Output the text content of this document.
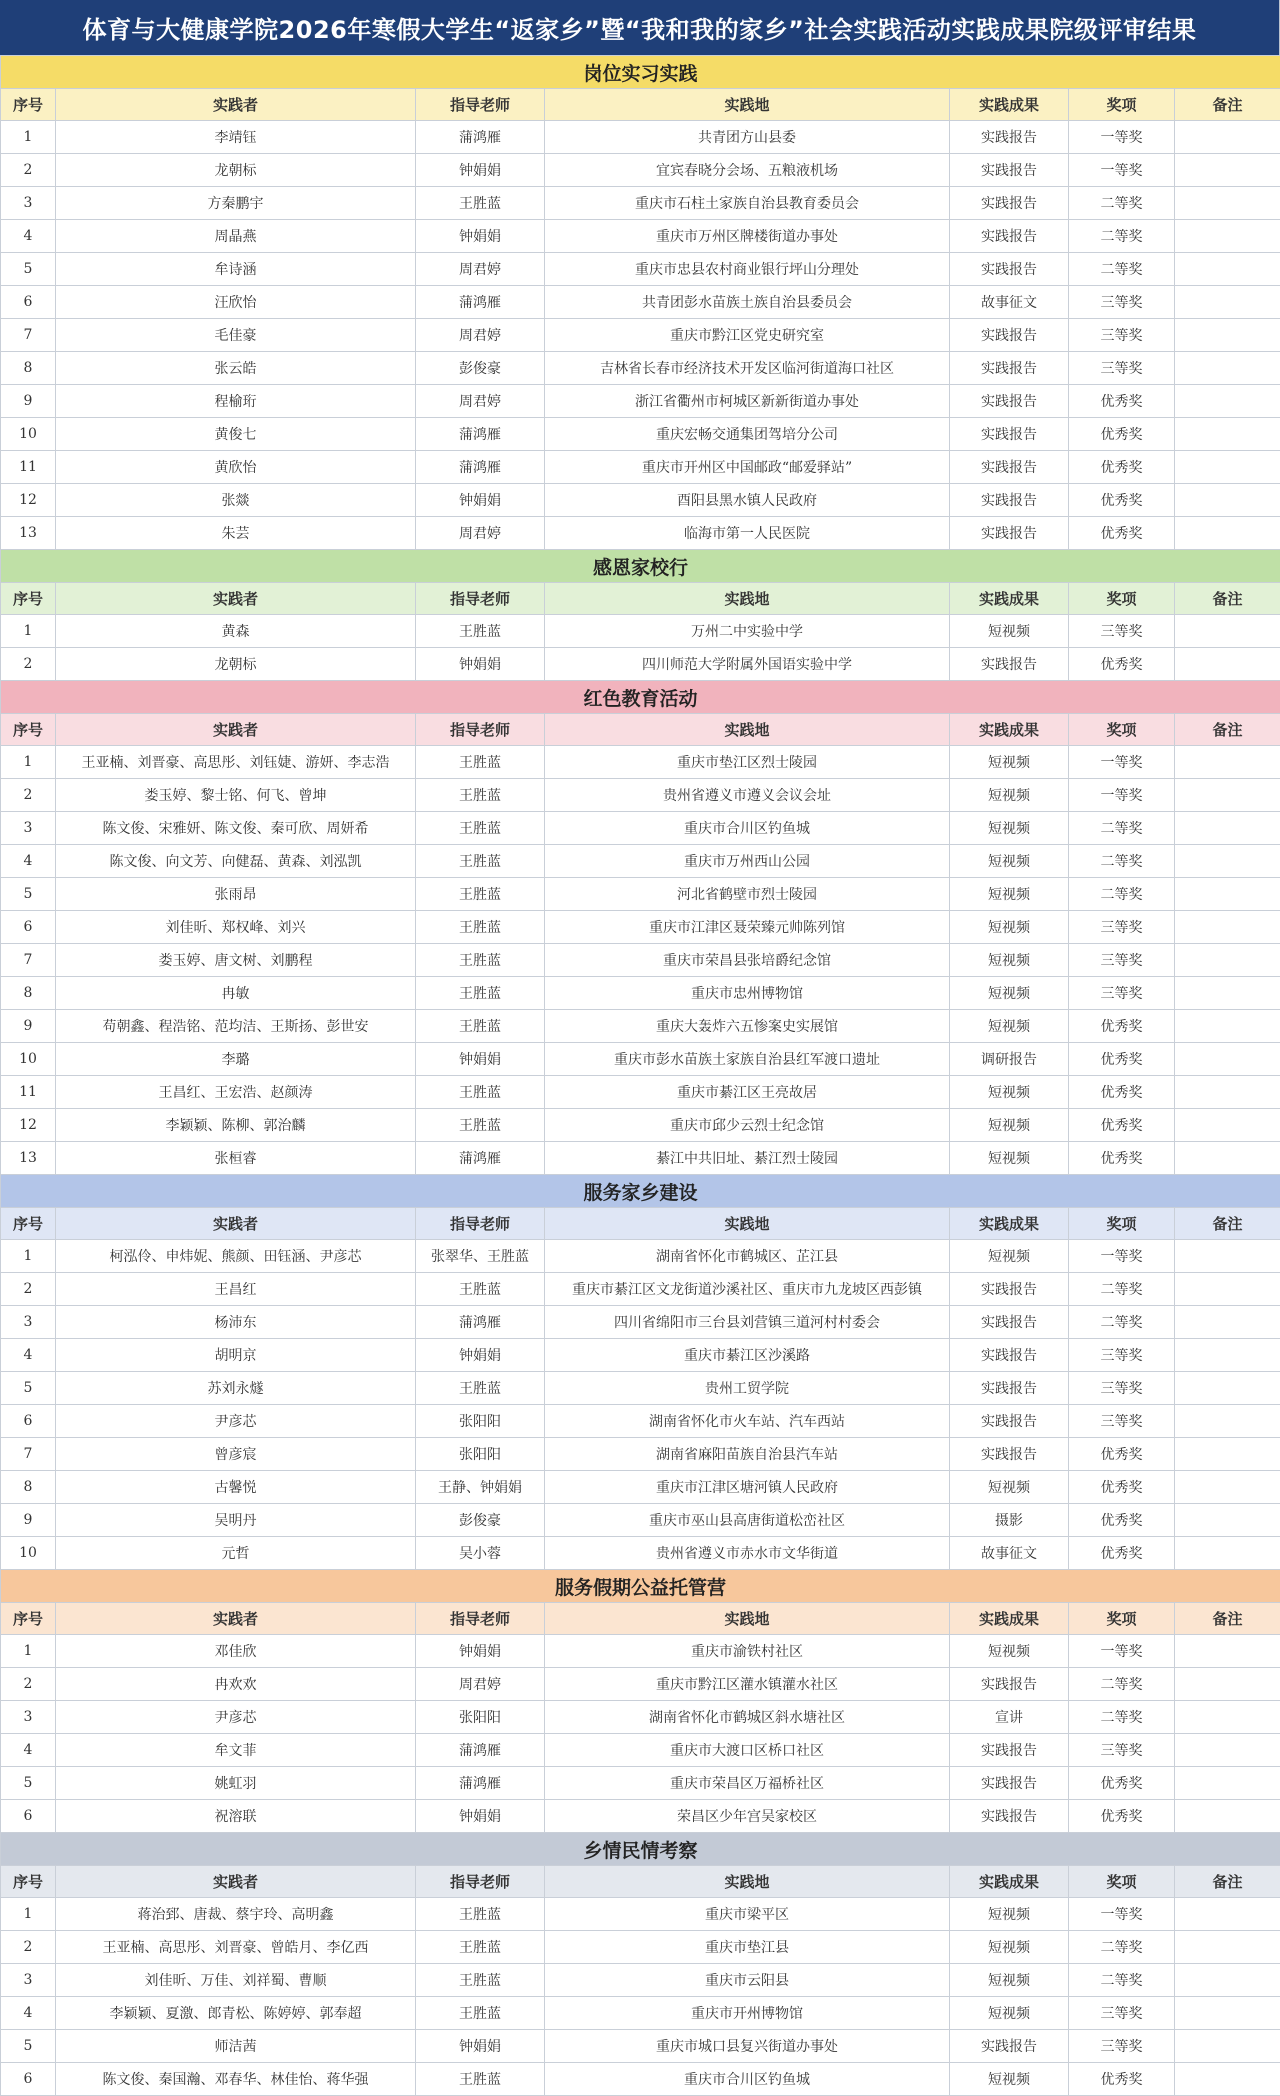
体育与大健康学院2026年寒假大学生“返家乡”暨“我和我的家乡”社会实践活动实践成果院级评审结果
岗位实习实践						
序号	实践者	指导老师	实践地	实践成果	奖项	备注
1	李靖钰	蒲鸿雁	共青团方山县委	实践报告	一等奖	
2	龙朝标	钟娟娟	宜宾春晓分会场、五粮液机场	实践报告	一等奖	
3	方秦鹏宇	王胜蓝	重庆市石柱土家族自治县教育委员会	实践报告	二等奖	
4	周晶燕	钟娟娟	重庆市万州区牌楼街道办事处	实践报告	二等奖	
5	牟诗涵	周君婷	重庆市忠县农村商业银行坪山分理处	实践报告	二等奖	
6	汪欣怡	蒲鸿雁	共青团彭水苗族土族自治县委员会	故事征文	三等奖	
7	毛佳豪	周君婷	重庆市黔江区党史研究室	实践报告	三等奖	
8	张云皓	彭俊豪	吉林省长春市经济技术开发区临河街道海口社区	实践报告	三等奖	
9	程榆珩	周君婷	浙江省衢州市柯城区新新街道办事处	实践报告	优秀奖	
10	黄俊七	蒲鸿雁	重庆宏畅交通集团驾培分公司	实践报告	优秀奖	
11	黄欣怡	蒲鸿雁	重庆市开州区中国邮政“邮爱驿站”	实践报告	优秀奖	
12	张燚	钟娟娟	酉阳县黑水镇人民政府	实践报告	优秀奖	
13	朱芸	周君婷	临海市第一人民医院	实践报告	优秀奖	
感恩家校行						
序号	实践者	指导老师	实践地	实践成果	奖项	备注
1	黄森	王胜蓝	万州二中实验中学	短视频	三等奖	
2	龙朝标	钟娟娟	四川师范大学附属外国语实验中学	实践报告	优秀奖	
红色教育活动						
序号	实践者	指导老师	实践地	实践成果	奖项	备注
1	王亚楠、刘晋豪、高思彤、刘钰婕、游妍、李志浩	王胜蓝	重庆市垫江区烈士陵园	短视频	一等奖	
2	娄玉婷、黎士铭、何飞、曾坤	王胜蓝	贵州省遵义市遵义会议会址	短视频	一等奖	
3	陈文俊、宋雅妍、陈文俊、秦可欣、周妍希	王胜蓝	重庆市合川区钓鱼城	短视频	二等奖	
4	陈文俊、向文芳、向健磊、黄森、刘泓凯	王胜蓝	重庆市万州西山公园	短视频	二等奖	
5	张雨昂	王胜蓝	河北省鹤壁市烈士陵园	短视频	二等奖	
6	刘佳昕、郑权峰、刘兴	王胜蓝	重庆市江津区聂荣臻元帅陈列馆	短视频	三等奖	
7	娄玉婷、唐文树、刘鹏程	王胜蓝	重庆市荣昌县张培爵纪念馆	短视频	三等奖	
8	冉敏	王胜蓝	重庆市忠州博物馆	短视频	三等奖	
9	苟朝鑫、程浩铭、范均洁、王斯扬、彭世安	王胜蓝	重庆大轰炸六五惨案史实展馆	短视频	优秀奖	
10	李璐	钟娟娟	重庆市彭水苗族土家族自治县红军渡口遗址	调研报告	优秀奖	
11	王昌红、王宏浩、赵颜涛	王胜蓝	重庆市綦江区王亮故居	短视频	优秀奖	
12	李颖颖、陈柳、郭治麟	王胜蓝	重庆市邱少云烈士纪念馆	短视频	优秀奖	
13	张桓睿	蒲鸿雁	綦江中共旧址、綦江烈士陵园	短视频	优秀奖	
服务家乡建设						
序号	实践者	指导老师	实践地	实践成果	奖项	备注
1	柯泓伶、申炜妮、熊颜、田钰涵、尹彦芯	张翠华、王胜蓝	湖南省怀化市鹤城区、芷江县	短视频	一等奖	
2	王昌红	王胜蓝	重庆市綦江区文龙街道沙溪社区、重庆市九龙坡区西彭镇	实践报告	二等奖	
3	杨沛东	蒲鸿雁	四川省绵阳市三台县刘营镇三道河村村委会	实践报告	二等奖	
4	胡明京	钟娟娟	重庆市綦江区沙溪路	实践报告	三等奖	
5	苏刘永燧	王胜蓝	贵州工贸学院	实践报告	三等奖	
6	尹彦芯	张阳阳	湖南省怀化市火车站、汽车西站	实践报告	三等奖	
7	曾彦宸	张阳阳	湖南省麻阳苗族自治县汽车站	实践报告	优秀奖	
8	古馨悦	王静、钟娟娟	重庆市江津区塘河镇人民政府	短视频	优秀奖	
9	吴明丹	彭俊豪	重庆市巫山县高唐街道松峦社区	摄影	优秀奖	
10	元哲	吴小蓉	贵州省遵义市赤水市文华街道	故事征文	优秀奖	
服务假期公益托管营						
序号	实践者	指导老师	实践地	实践成果	奖项	备注
1	邓佳欣	钟娟娟	重庆市渝铁村社区	短视频	一等奖	
2	冉欢欢	周君婷	重庆市黔江区灌水镇灌水社区	实践报告	二等奖	
3	尹彦芯	张阳阳	湖南省怀化市鹤城区斜水塘社区	宣讲	二等奖	
4	牟文菲	蒲鸿雁	重庆市大渡口区桥口社区	实践报告	三等奖	
5	姚虹羽	蒲鸿雁	重庆市荣昌区万福桥社区	实践报告	优秀奖	
6	祝溶联	钟娟娟	荣昌区少年宫吴家校区	实践报告	优秀奖	
乡情民情考察						
序号	实践者	指导老师	实践地	实践成果	奖项	备注
1	蒋治郅、唐裁、蔡宇玲、高明鑫	王胜蓝	重庆市梁平区	短视频	一等奖	
2	王亚楠、高思彤、刘晋豪、曾皓月、李亿西	王胜蓝	重庆市垫江县	短视频	二等奖	
3	刘佳昕、万佳、刘祥蜀、曹顺	王胜蓝	重庆市云阳县	短视频	二等奖	
4	李颖颖、夏激、郎青松、陈婷婷、郭奉超	王胜蓝	重庆市开州博物馆	短视频	三等奖	
5	师洁茜	钟娟娟	重庆市城口县复兴街道办事处	实践报告	三等奖	
6	陈文俊、秦国瀚、邓春华、林佳怡、蒋华强	王胜蓝	重庆市合川区钓鱼城	短视频	优秀奖	
